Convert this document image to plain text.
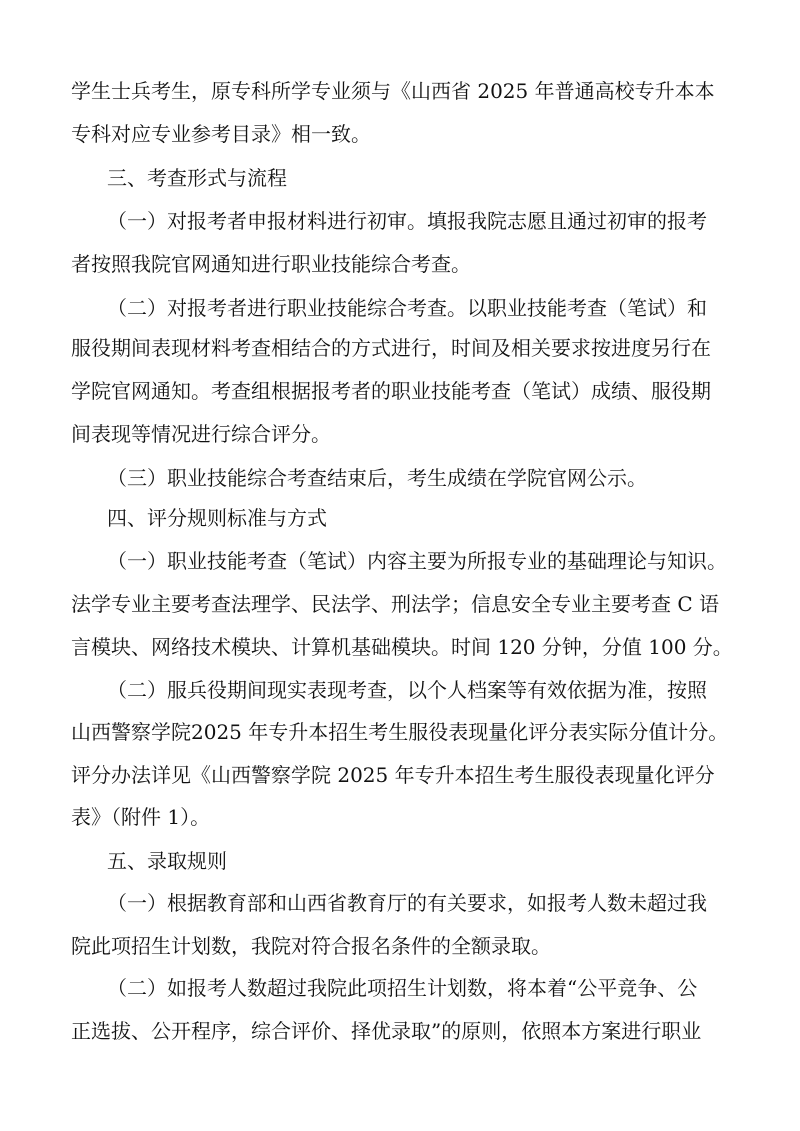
学生士兵考生，原专科所学专业须与《山西省 2025 年普通高校专升本本
专科对应专业参考目录》相一致。
三、考查形式与流程
（一）对报考者申报材料进行初审。填报我院志愿且通过初审的报考
者按照我院官网通知进行职业技能综合考查。
（二）对报考者进行职业技能综合考查。以职业技能考查（笔试）和
服役期间表现材料考查相结合的方式进行，时间及相关要求按进度另行在
学院官网通知。考查组根据报考者的职业技能考查（笔试）成绩、服役期
间表现等情况进行综合评分。
（三）职业技能综合考查结束后，考生成绩在学院官网公示。
四、评分规则标准与方式
（一）职业技能考查（笔试）内容主要为所报专业的基础理论与知识。
法学专业主要考查法理学、民法学、刑法学；信息安全专业主要考查 C 语
言模块、网络技术模块、计算机基础模块。时间 120 分钟，分值 100 分。
（二）服兵役期间现实表现考查，以个人档案等有效依据为准，按照
山西警察学院2025 年专升本招生考生服役表现量化评分表实际分值计分。
评分办法详见《山西警察学院 2025 年专升本招生考生服役表现量化评分
表》（附件 1）。
五、录取规则
（一）根据教育部和山西省教育厅的有关要求，如报考人数未超过我
院此项招生计划数，我院对符合报名条件的全额录取。
（二）如报考人数超过我院此项招生计划数，将本着“公平竞争、公
正选拔、公开程序，综合评价、择优录取”的原则，依照本方案进行职业
